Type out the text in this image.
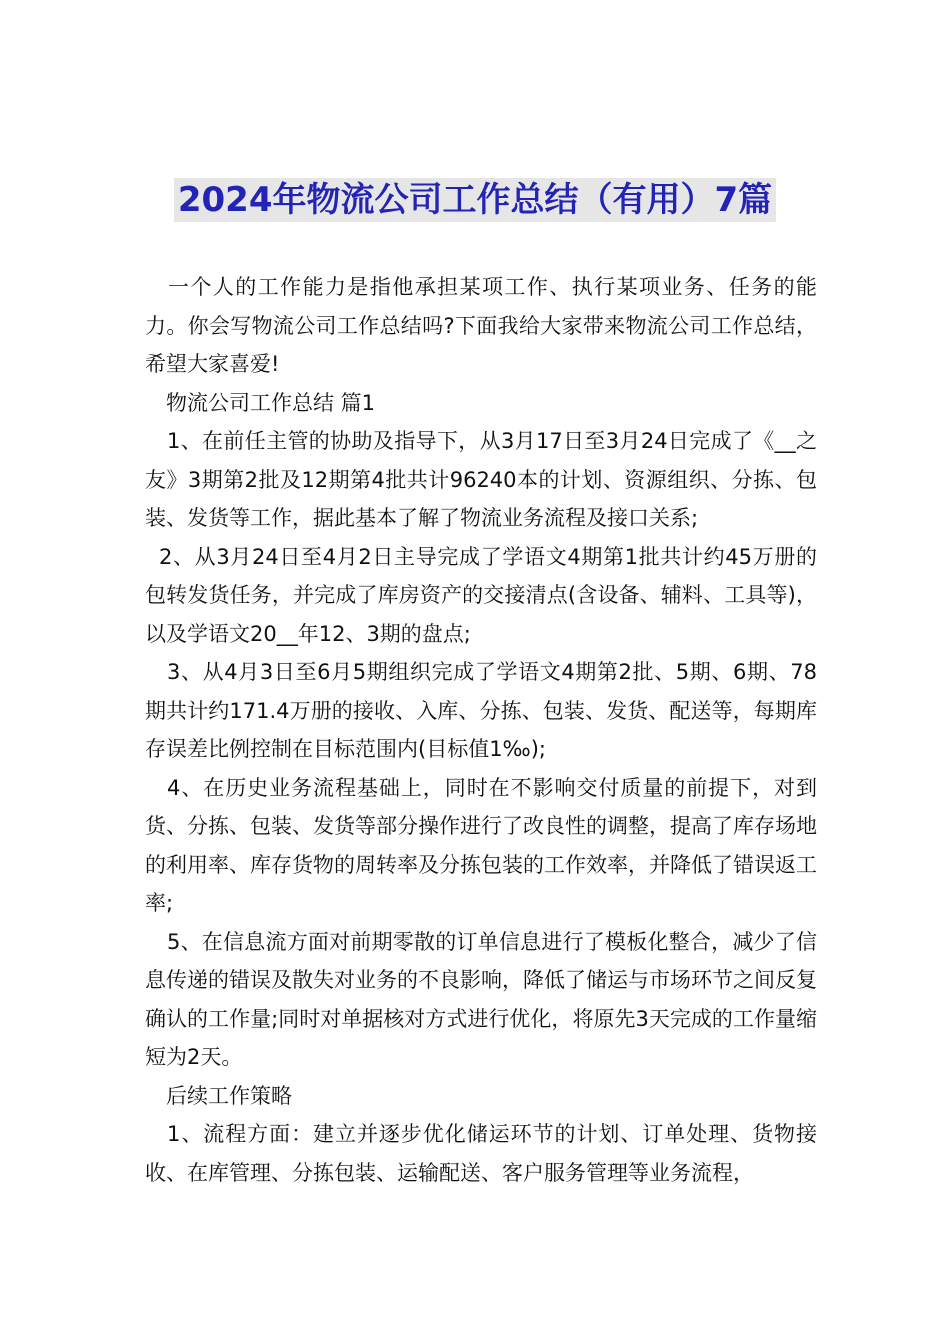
2024年物流公司工作总结（有用）7篇

一个人的工作能力是指他承担某项工作、执行某项业务、任务的能力。你会写物流公司工作总结吗?下面我给大家带来物流公司工作总结，希望大家喜爱!

物流公司工作总结 篇1

1、在前任主管的协助及指导下，从3月17日至3月24日完成了《__之友》3期第2批及12期第4批共计96240本的计划、资源组织、分拣、包装、发货等工作，据此基本了解了物流业务流程及接口关系;

2、从3月24日至4月2日主导完成了学语文4期第1批共计约45万册的包转发货任务，并完成了库房资产的交接清点(含设备、辅料、工具等)，以及学语文20__年12、3期的盘点;

3、从4月3日至6月5期组织完成了学语文4期第2批、5期、6期、78期共计约171.4万册的接收、入库、分拣、包装、发货、配送等，每期库存误差比例控制在目标范围内(目标值1‰);

4、在历史业务流程基础上，同时在不影响交付质量的前提下，对到货、分拣、包装、发货等部分操作进行了改良性的调整，提高了库存场地的利用率、库存货物的周转率及分拣包装的工作效率，并降低了错误返工率;

5、在信息流方面对前期零散的订单信息进行了模板化整合，减少了信息传递的错误及散失对业务的不良影响，降低了储运与市场环节之间反复确认的工作量;同时对单据核对方式进行优化，将原先3天完成的工作量缩短为2天。

后续工作策略

1、流程方面：建立并逐步优化储运环节的计划、订单处理、货物接收、在库管理、分拣包装、运输配送、客户服务管理等业务流程，
